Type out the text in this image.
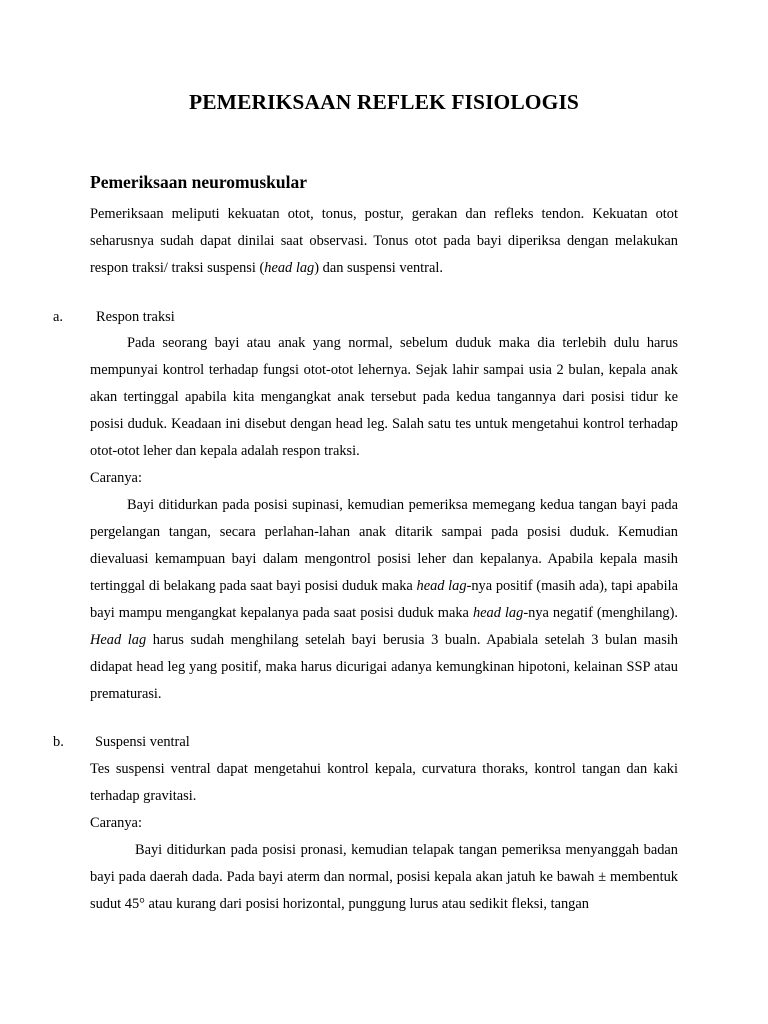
PEMERIKSAAN REFLEK FISIOLOGIS
Pemeriksaan neuromuskular

Pemeriksaan meliputi kekuatan otot, tonus, postur, gerakan dan refleks tendon. Kekuatan otot seharusnya sudah dapat dinilai saat observasi. Tonus otot pada bayi diperiksa dengan melakukan respon traksi/ traksi suspensi (head lag) dan suspensi ventral.

a. Respon traksi

Pada seorang bayi atau anak yang normal, sebelum duduk maka dia terlebih dulu harus mempunyai kontrol terhadap fungsi otot-otot lehernya. Sejak lahir sampai usia 2 bulan, kepala anak akan tertinggal apabila kita mengangkat anak tersebut pada kedua tangannya dari posisi tidur ke posisi duduk. Keadaan ini disebut dengan head leg. Salah satu tes untuk mengetahui kontrol terhadap otot-otot leher dan kepala adalah respon traksi.

Caranya:

Bayi ditidurkan pada posisi supinasi, kemudian pemeriksa memegang kedua tangan bayi pada pergelangan tangan, secara perlahan-lahan anak ditarik sampai pada posisi duduk. Kemudian dievaluasi kemampuan bayi dalam mengontrol posisi leher dan kepalanya. Apabila kepala masih tertinggal di belakang pada saat bayi posisi duduk maka head lag-nya positif (masih ada), tapi apabila bayi mampu mengangkat kepalanya pada saat posisi duduk maka head lag-nya negatif (menghilang). Head lag harus sudah menghilang setelah bayi berusia 3 bualn. Apabiala setelah 3 bulan masih didapat head leg yang positif, maka harus dicurigai adanya kemungkinan hipotoni, kelainan SSP atau prematurasi.

b. Suspensi ventral

Tes suspensi ventral dapat mengetahui kontrol kepala, curvatura thoraks, kontrol tangan dan kaki terhadap gravitasi.

Caranya:

Bayi ditidurkan pada posisi pronasi, kemudian telapak tangan pemeriksa menyanggah badan bayi pada daerah dada. Pada bayi aterm dan normal, posisi kepala akan jatuh ke bawah ± membentuk sudut 45° atau kurang dari posisi horizontal, punggung lurus atau sedikit fleksi, tangan
